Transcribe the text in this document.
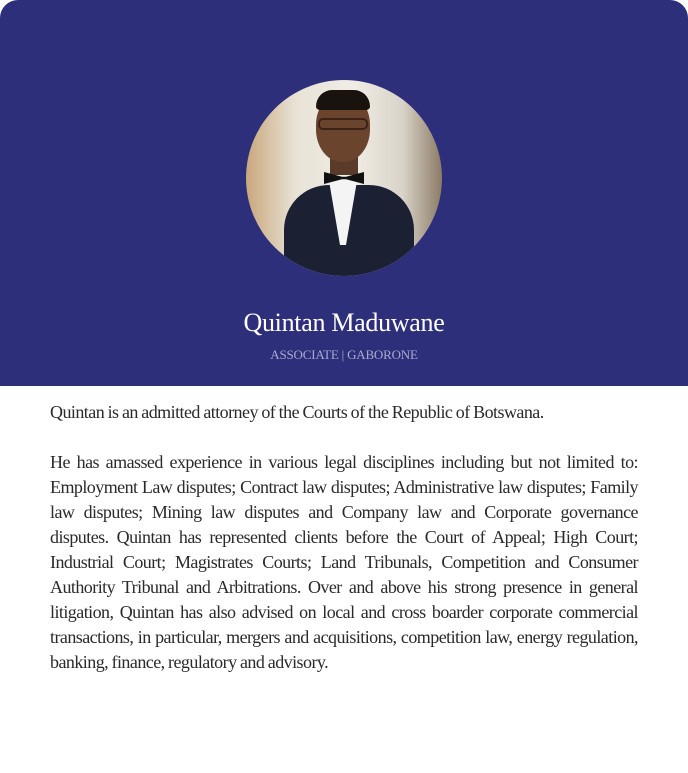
Quintan Maduwane
ASSOCIATE | GABORONE

Quintan is an admitted attorney of the Courts of the Republic of Botswana.

He has amassed experience in various legal disciplines including but not limited to: Employment Law disputes; Contract law disputes; Administrative law disputes; Family law disputes; Mining law disputes and Company law and Corporate governance disputes. Quintan has represented clients before the Court of Appeal; High Court; Industrial Court; Magistrates Courts; Land Tribunals, Competition and Consumer Authority Tribunal and Arbitrations. Over and above his strong presence in general litigation, Quintan has also advised on local and cross boarder corporate commercial transactions, in particular, mergers and acquisitions, competition law, energy regulation, banking, finance, regulatory and advisory.
